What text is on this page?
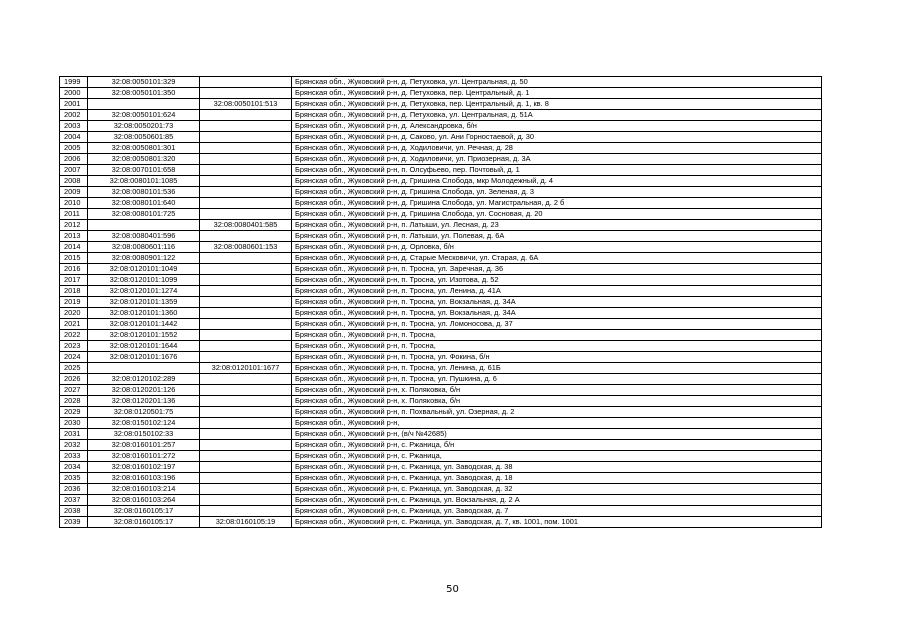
1999	32:08:0050101:329		Брянская обл., Жуковский р-н, д. Петуховка, ул. Центральная, д. 50
2000	32:08:0050101:350		Брянская обл., Жуковский р-н, д. Петуховка, пер. Центральный, д. 1
2001		32:08:0050101:513	Брянская обл., Жуковский р-н, д. Петуховка, пер. Центральный, д. 1, кв. 8
2002	32:08:0050101:624		Брянская обл., Жуковский р-н, д. Петуховка, ул. Центральная, д. 51А
2003	32:08:0050201:73		Брянская обл., Жуковский р-н, д. Александровка, б/н
2004	32:08:0050601:85		Брянская обл., Жуковский р-н, д. Саково, ул. Ани Горностаевой, д. 30
2005	32:08:0050801:301		Брянская обл., Жуковский р-н, д. Ходиловичи, ул. Речная, д. 28
2006	32:08:0050801:320		Брянская обл., Жуковский р-н, д. Ходиловичи, ул. Приозерная, д. 3А
2007	32:08:0070101:658		Брянская обл., Жуковский р-н, п. Олсуфьево, пер. Почтовый, д. 1
2008	32:08:0080101:1085		Брянская обл., Жуковский р-н, д. Гришина Слобода, мкр Молодежный, д. 4
2009	32:08:0080101:536		Брянская обл., Жуковский р-н, д. Гришина Слобода, ул. Зеленая, д. 3
2010	32:08:0080101:640		Брянская обл., Жуковский р-н, д. Гришина Слобода, ул. Магистральная, д. 2 б
2011	32:08:0080101:725		Брянская обл., Жуковский р-н, д. Гришина Слобода, ул. Сосновая, д. 20
2012		32:08:0080401:585	Брянская обл., Жуковский р-н, п. Латыши, ул. Лесная, д. 23
2013	32:08:0080401:596		Брянская обл., Жуковский р-н, п. Латыши, ул. Полевая, д. 6А
2014	32:08:0080601:116	32:08:0080601:153	Брянская обл., Жуковский р-н, д. Орловка, б/н
2015	32:08:0080901:122		Брянская обл., Жуковский р-н, д. Старые Месковичи, ул. Старая, д. 6А
2016	32:08:0120101:1049		Брянская обл., Жуковский р-н, п. Тросна, ул. Заречная, д. 36
2017	32:08:0120101:1099		Брянская обл., Жуковский р-н, п. Тросна, ул. Изотова, д. 52
2018	32:08:0120101:1274		Брянская обл., Жуковский р-н, п. Тросна, ул. Ленина, д. 41А
2019	32:08:0120101:1359		Брянская обл., Жуковский р-н, п. Тросна, ул. Вокзальная, д. 34А
2020	32:08:0120101:1360		Брянская обл., Жуковский р-н, п. Тросна, ул. Вокзальная, д. 34А
2021	32:08:0120101:1442		Брянская обл., Жуковский р-н, п. Тросна, ул. Ломоносова, д. 37
2022	32:08:0120101:1552		Брянская обл., Жуковский р-н, п. Тросна,
2023	32:08:0120101:1644		Брянская обл., Жуковский р-н, п. Тросна,
2024	32:08:0120101:1676		Брянская обл., Жуковский р-н, п. Тросна, ул. Фокина, б/н
2025		32:08:0120101:1677	Брянская обл., Жуковский р-н, п. Тросна, ул. Ленина, д. 61Б
2026	32:08:0120102:289		Брянская обл., Жуковский р-н, п. Тросна, ул. Пушкина, д. 6
2027	32:08:0120201:126		Брянская обл., Жуковский р-н, х. Поляковка, б/н
2028	32:08:0120201:136		Брянская обл., Жуковский р-н, х. Поляковка, б/н
2029	32:08:0120501:75		Брянская обл., Жуковский р-н, п. Похвальный, ул. Озерная, д. 2
2030	32:08:0150102:124		Брянская обл., Жуковский р-н,
2031	32:08:0150102:33		Брянская обл., Жуковский р-н, (в/ч №42685)
2032	32:08:0160101:257		Брянская обл., Жуковский р-н, с. Ржаница, б/н
2033	32:08:0160101:272		Брянская обл., Жуковский р-н, с. Ржаница,
2034	32:08:0160102:197		Брянская обл., Жуковский р-н, с. Ржаница, ул. Заводская, д. 38
2035	32:08:0160103:196		Брянская обл., Жуковский р-н, с. Ржаница, ул. Заводская, д. 18
2036	32:08:0160103:214		Брянская обл., Жуковский р-н, с. Ржаница, ул. Заводская, д. 32
2037	32:08:0160103:264		Брянская обл., Жуковский р-н, с. Ржаница, ул. Вокзальная, д. 2 А
2038	32:08:0160105:17		Брянская обл., Жуковский р-н, с. Ржаница, ул. Заводская, д. 7
2039	32:08:0160105:17	32:08:0160105:19	Брянская обл., Жуковский р-н, с. Ржаница, ул. Заводская, д. 7, кв. 1001, пом. 1001
50
